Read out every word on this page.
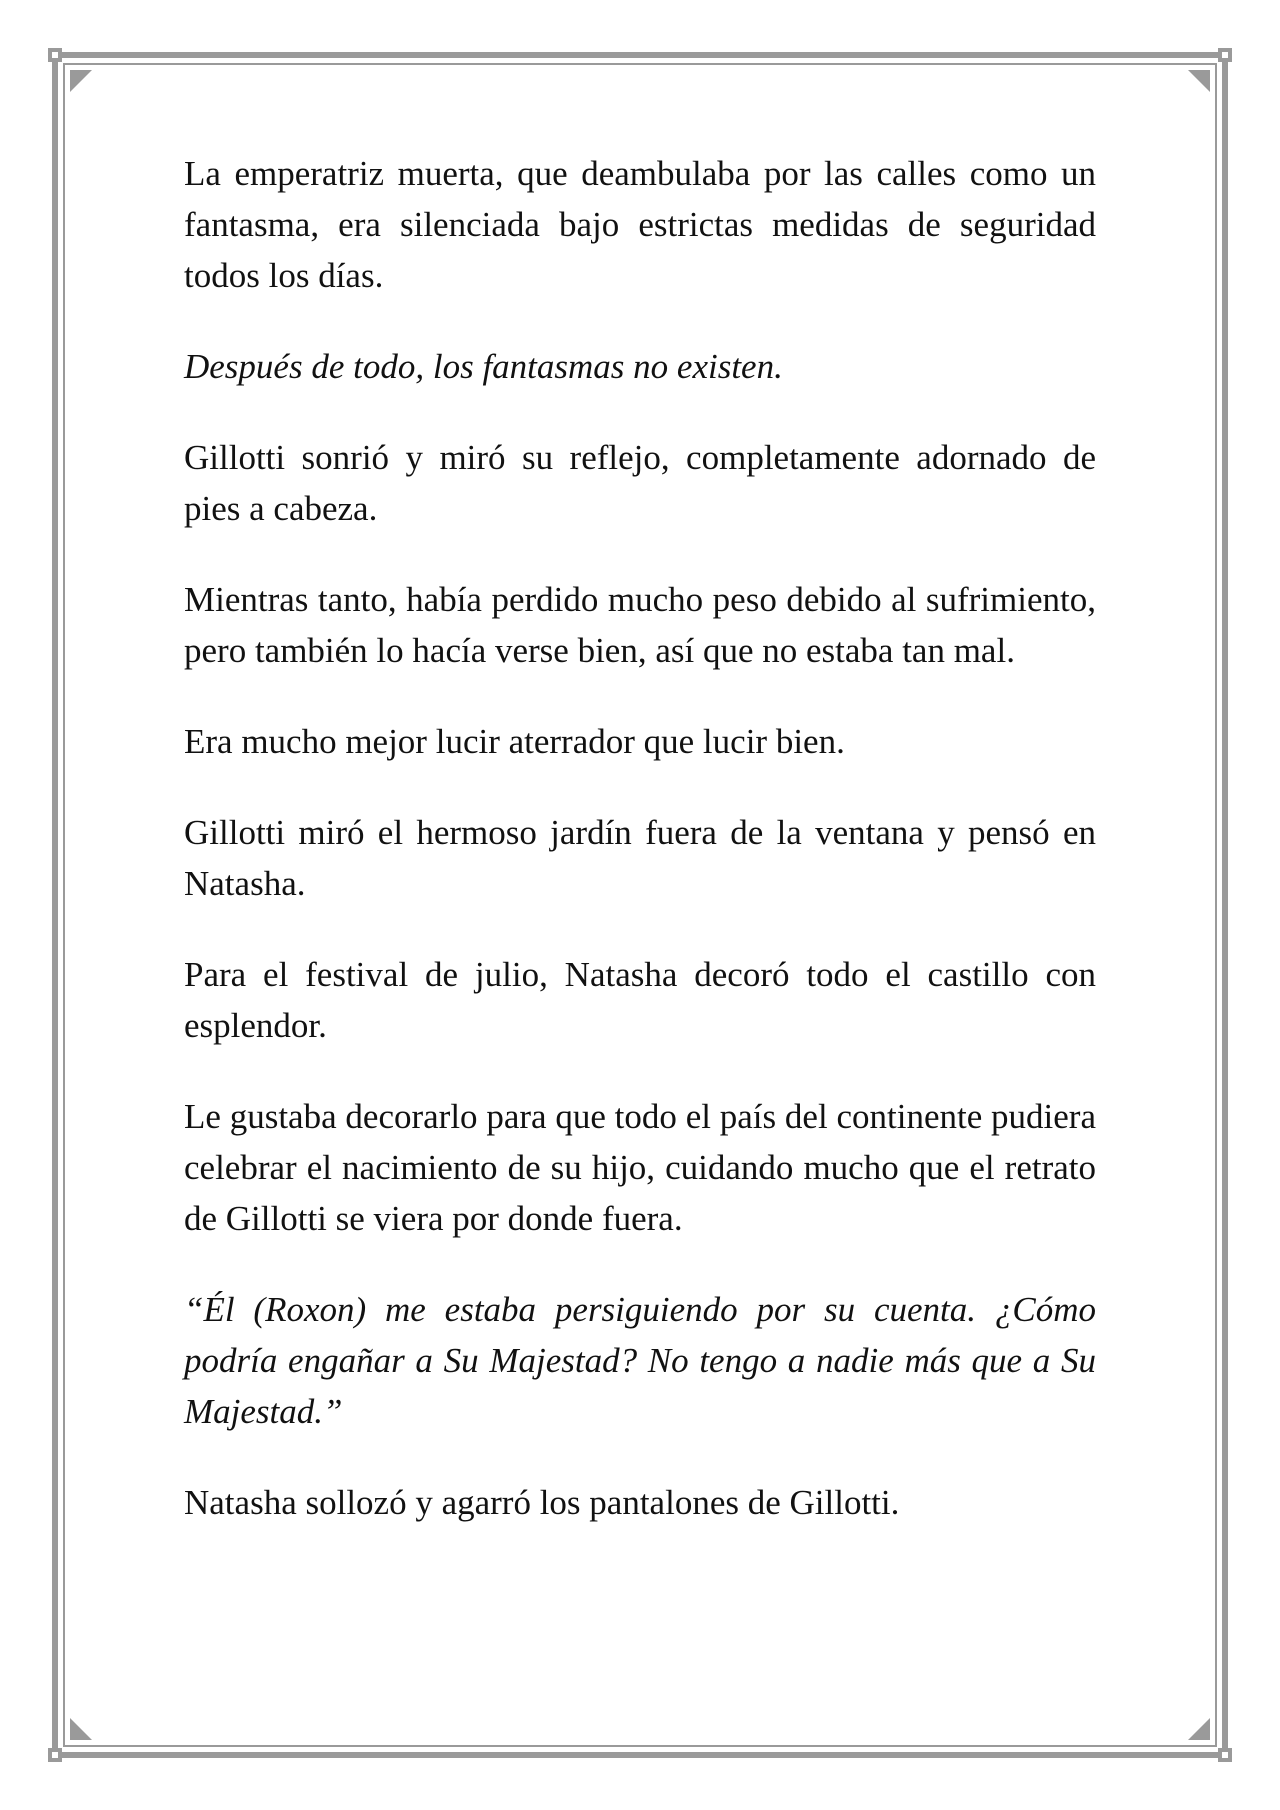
La emperatriz muerta, que deambulaba por las calles como un fantasma, era silenciada bajo estrictas medidas de seguridad todos los días.

Después de todo, los fantasmas no existen.

Gillotti sonrió y miró su reflejo, completamente adornado de pies a cabeza.

Mientras tanto, había perdido mucho peso debido al sufrimiento, pero también lo hacía verse bien, así que no estaba tan mal.

Era mucho mejor lucir aterrador que lucir bien.

Gillotti miró el hermoso jardín fuera de la ventana y pensó en Natasha.

Para el festival de julio, Natasha decoró todo el castillo con esplendor.

Le gustaba decorarlo para que todo el país del continente pudiera celebrar el nacimiento de su hijo, cuidando mucho que el retrato de Gillotti se viera por donde fuera.

“Él (Roxon) me estaba persiguiendo por su cuenta. ¿Cómo podría engañar a Su Majestad? No tengo a nadie más que a Su Majestad.”

Natasha sollozó y agarró los pantalones de Gillotti.
